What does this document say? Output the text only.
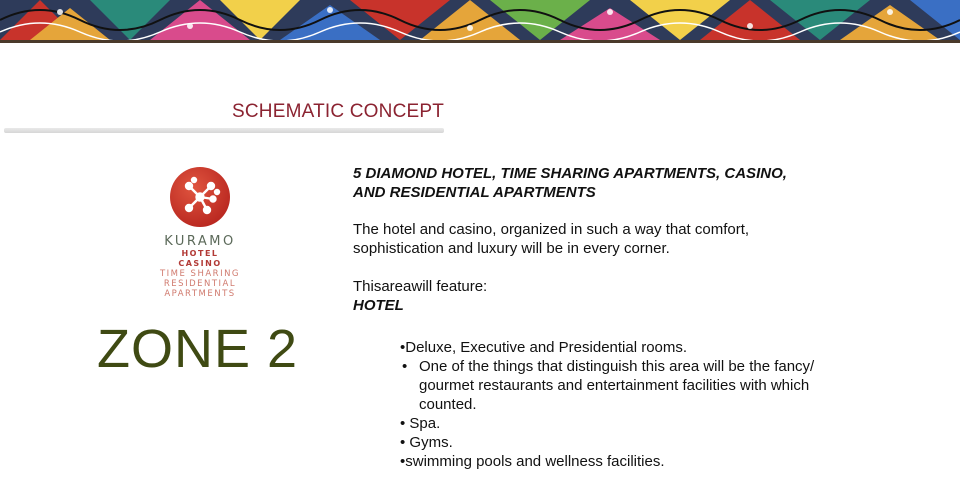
SCHEMATIC CONCEPT
KURAMO
HOTEL
CASINO
TIME SHARING
RESIDENTIAL
APARTMENTS
ZONE 2

5 DIAMOND HOTEL, TIME SHARING APARTMENTS, CASINO,
AND RESIDENTIAL APARTMENTS

The hotel and casino, organized in such a way that comfort,
sophistication and luxury will be in every corner.

Thisareawill feature:

HOTEL

•Deluxe, Executive and Presidential rooms.

• One of the things that distinguish this area will be the fancy/
gourmet restaurants and entertainment facilities with which
counted.

• Spa.

• Gyms.

•swimming pools and wellness facilities.
